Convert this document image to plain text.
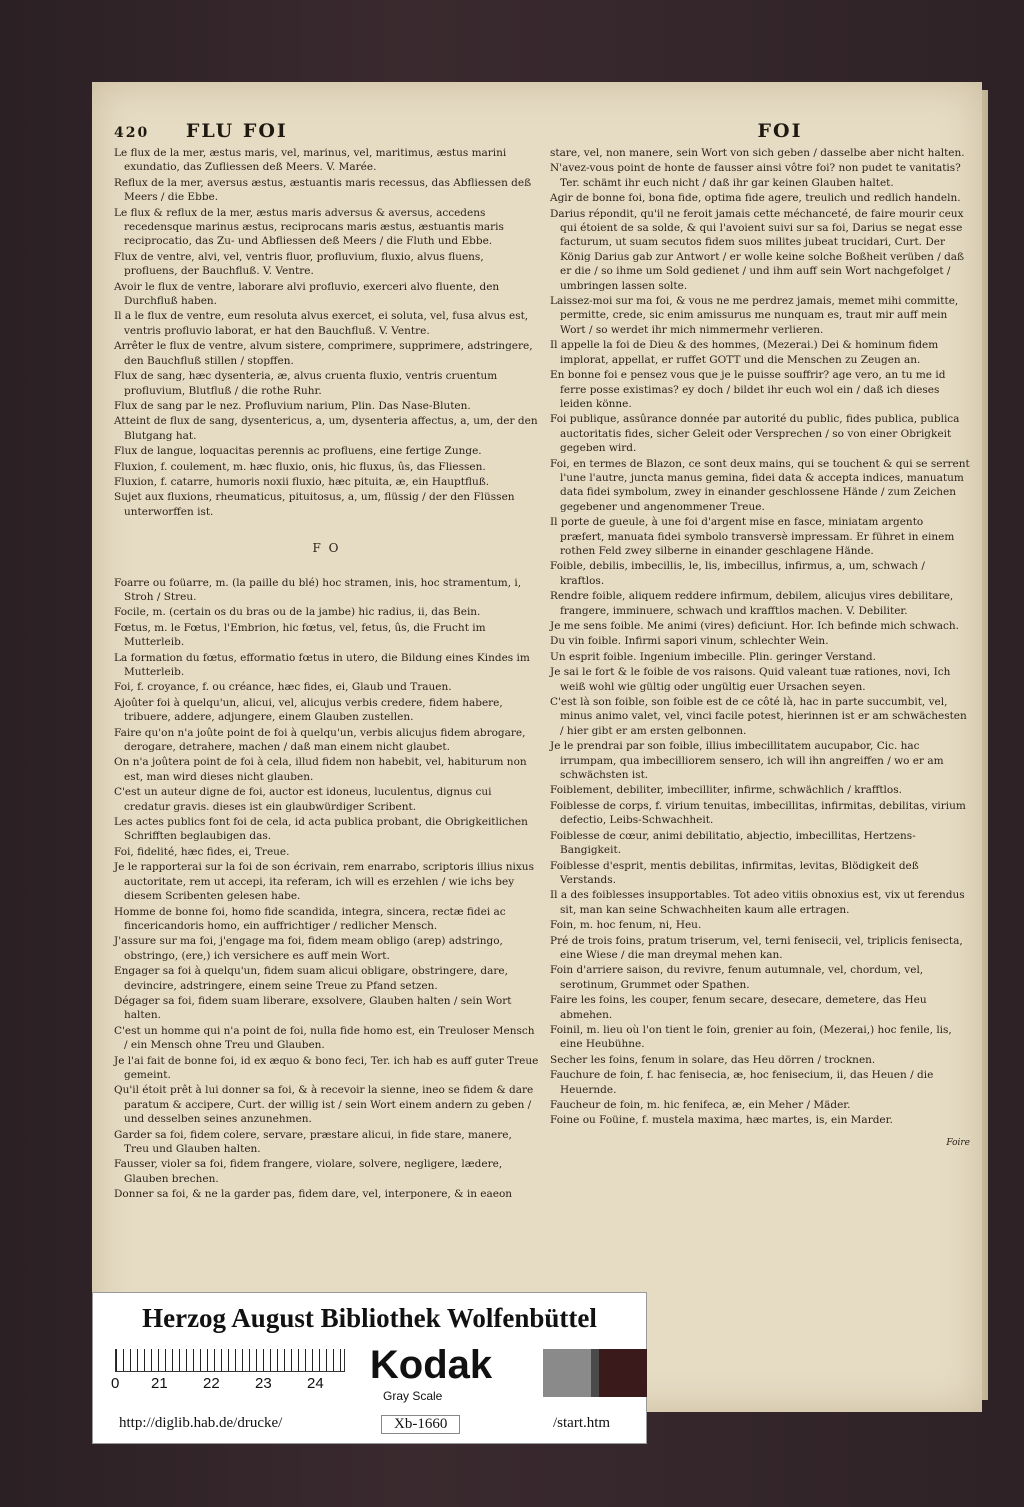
420 FLU FOI
Le flux de la mer, æstus maris, vel, marinus, vel, maritimus, æstus marini exundatio, das Zufliessen deß Meers. V. Marée.
Reflux de la mer, aversus æstus, æstuantis maris recessus, das Abfliessen deß Meers / die Ebbe.
Le flux & reflux de la mer, æstus maris adversus & aversus, accedens recedensque marinus æstus, reciprocans maris æstus, æstuantis maris reciprocatio, das Zu- und Abfliessen deß Meers / die Fluth und Ebbe.
Flux de ventre, alvi, vel, ventris fluor, profluvium, fluxio, alvus fluens, profluens, der Bauchfluß. V. Ventre.
Avoir le flux de ventre, laborare alvi profluvio, exerceri alvo fluente, den Durchfluß haben.
Il a le flux de ventre, eum resoluta alvus exercet, ei soluta, vel, fusa alvus est, ventris profluvio laborat, er hat den Bauchfluß. V. Ventre.
Arrêter le flux de ventre, alvum sistere, comprimere, supprimere, adstringere, den Bauchfluß stillen / stopffen.
Flux de sang, hæc dysenteria, æ, alvus cruenta fluxio, ventris cruentum profluvium, Blutfluß / die rothe Ruhr.
Flux de sang par le nez. Profluvium narium, Plin. Das Nase-Bluten.
Atteint de flux de sang, dysentericus, a, um, dysenteria affectus, a, um, der den Blutgang hat.
Flux de langue, loquacitas perennis ac profluens, eine fertige Zunge.
Fluxion, f. coulement, m. hæc fluxio, onis, hic fluxus, ûs, das Fliessen.
Fluxion, f. catarre, humoris noxii fluxio, hæc pituita, æ, ein Hauptfluß.
Sujet aux fluxions, rheumaticus, pituitosus, a, um, flüssig / der den Flüssen unterworffen ist.
F O
Foarre ou foüarre, m. (la paille du blé) hoc stramen, inis, hoc stramentum, i, Stroh / Streu.
Focile, m. (certain os du bras ou de la jambe) hic radius, ii, das Bein.
Fœtus, m. le Fœtus, l'Embrion, hic fœtus, vel, fetus, ûs, die Frucht im Mutterleib.
La formation du fœtus, efformatio fœtus in utero, die Bildung eines Kindes im Mutterleib.
Foi, f. croyance, f. ou créance, hæc fides, ei, Glaub und Trauen.
Ajoûter foi à quelqu'un, alicui, vel, alicujus verbis credere, fidem habere, tribuere, addere, adjungere, einem Glauben zustellen.
Faire qu'on n'a joûte point de foi à quelqu'un, verbis alicujus fidem abrogare, derogare, detrahere, machen / daß man einem nicht glaubet.
On n'a joûtera point de foi à cela, illud fidem non habebit, vel, habiturum non est, man wird dieses nicht glauben.
C'est un auteur digne de foi, auctor est idoneus, luculentus, dignus cui credatur gravis. dieses ist ein glaubwürdiger Scribent.
Les actes publics font foi de cela, id acta publica probant, die Obrigkeitlichen Schrifften beglaubigen das.
Foi, fidelité, hæc fides, ei, Treue.
Je le rapporterai sur la foi de son écrivain, rem enarrabo, scriptoris illius nixus auctoritate, rem ut accepi, ita referam, ich will es erzehlen / wie ichs bey diesem Scribenten gelesen habe.
Homme de bonne foi, homo fide scandida, integra, sincera, rectæ fidei ac fincericandoris homo, ein auffrichtiger / redlicher Mensch.
J'assure sur ma foi, j'engage ma foi, fidem meam obligo (arep) adstringo, obstringo, (ere,) ich versichere es auff mein Wort.
Engager sa foi à quelqu'un, fidem suam alicui obligare, obstringere, dare, devincire, adstringere, einem seine Treue zu Pfand setzen.
Dégager sa foi, fidem suam liberare, exsolvere, Glauben halten / sein Wort halten.
C'est un homme qui n'a point de foi, nulla fide homo est, ein Treuloser Mensch / ein Mensch ohne Treu und Glauben.
Je l'ai fait de bonne foi, id ex æquo & bono feci, Ter. ich hab es auff guter Treue gemeint.
Qu'il étoit prêt à lui donner sa foi, & à recevoir la sienne, ineo se fidem & dare paratum & accipere, Curt. der willig ist / sein Wort einem andern zu geben / und desselben seines anzunehmen.
Garder sa foi, fidem colere, servare, præstare alicui, in fide stare, manere, Treu und Glauben halten.
Fausser, violer sa foi, fidem frangere, violare, solvere, negligere, lædere, Glauben brechen.
Donner sa foi, & ne la garder pas, fidem dare, vel, interponere, & in eaeon
FOI
stare, vel, non manere, sein Wort von sich geben / dasselbe aber nicht halten.
N'avez-vous point de honte de fausser ainsi vôtre foi? non pudet te vanitatis? Ter. schämt ihr euch nicht / daß ihr gar keinen Glauben haltet.
Agir de bonne foi, bona fide, optima fide agere, treulich und redlich handeln.
Darius répondit, qu'il ne feroit jamais cette méchanceté, de faire mourir ceux qui étoient de sa solde, & qui l'avoient suivi sur sa foi, Darius se negat esse facturum, ut suam secutos fidem suos milites jubeat trucidari, Curt. Der König Darius gab zur Antwort / er wolle keine solche Boßheit verüben / daß er die / so ihme um Sold gedienet / und ihm auff sein Wort nachgefolget / umbringen lassen solte.
Laissez-moi sur ma foi, & vous ne me perdrez jamais, memet mihi committe, permitte, crede, sic enim amissurus me nunquam es, traut mir auff mein Wort / so werdet ihr mich nimmermehr verlieren.
Il appelle la foi de Dieu & des hommes, (Mezerai.) Dei & hominum fidem implorat, appellat, er ruffet GOTT und die Menschen zu Zeugen an.
En bonne foi e pensez vous que je le puisse souffrir? age vero, an tu me id ferre posse existimas? ey doch / bildet ihr euch wol ein / daß ich dieses leiden könne.
Foi publique, assûrance donnée par autorité du public, fides publica, publica auctoritatis fides, sicher Geleit oder Versprechen / so von einer Obrigkeit gegeben wird.
Foi, en termes de Blazon, ce sont deux mains, qui se touchent & qui se serrent l'une l'autre, juncta manus gemina, fidei data & accepta indices, manuatum data fidei symbolum, zwey in einander geschlossene Hände / zum Zeichen gegebener und angenommener Treue.
Il porte de gueule, à une foi d'argent mise en fasce, miniatam argento præfert, manuata fidei symbolo transversè impressam. Er führet in einem rothen Feld zwey silberne in einander geschlagene Hände.
Foible, debilis, imbecillis, le, lis, imbecillus, infirmus, a, um, schwach / kraftlos.
Rendre foible, aliquem reddere infirmum, debilem, alicujus vires debilitare, frangere, imminuere, schwach und krafftlos machen. V. Debiliter.
Je me sens foible. Me animi (vires) deficiunt. Hor. Ich befinde mich schwach.
Du vin foible. Infirmi sapori vinum, schlechter Wein.
Un esprit foible. Ingenium imbecille. Plin. geringer Verstand.
Je sai le fort & le foible de vos raisons. Quid valeant tuæ rationes, novi, Ich weiß wohl wie gültig oder ungültig euer Ursachen seyen.
C'est là son foible, son foible est de ce côté là, hac in parte succumbit, vel, minus animo valet, vel, vinci facile potest, hierinnen ist er am schwächesten / hier gibt er am ersten gelbonnen.
Je le prendrai par son foible, illius imbecillitatem aucupabor, Cic. hac irrumpam, qua imbecilliorem sensero, ich will ihn angreiffen / wo er am schwächsten ist.
Foiblement, debiliter, imbecilliter, infirme, schwächlich / krafftlos.
Foiblesse de corps, f. virium tenuitas, imbecillitas, infirmitas, debilitas, virium defectio, Leibs-Schwachheit.
Foiblesse de cœur, animi debilitatio, abjectio, imbecillitas, Hertzens-Bangigkeit.
Foiblesse d'esprit, mentis debilitas, infirmitas, levitas, Blödigkeit deß Verstands.
Il a des foiblesses insupportables. Tot adeo vitiis obnoxius est, vix ut ferendus sit, man kan seine Schwachheiten kaum alle ertragen.
Foin, m. hoc fenum, ni, Heu.
Pré de trois foins, pratum triserum, vel, terni fenisecii, vel, triplicis fenisecta, eine Wiese / die man dreymal mehen kan.
Foin d'arriere saison, du revivre, fenum autumnale, vel, chordum, vel, serotinum, Grummet oder Spathen.
Faire les foins, les couper, fenum secare, desecare, demetere, das Heu abmehen.
Foinil, m. lieu où l'on tient le foin, grenier au foin, (Mezerai,) hoc fenile, lis, eine Heubühne.
Secher les foins, fenum in solare, das Heu dörren / trocknen.
Fauchure de foin, f. hac fenisecia, æ, hoc fenisecium, ii, das Heuen / die Heuernde.
Faucheur de foin, m. hic fenifeca, æ, ein Meher / Mäder.
Foine ou Foüine, f. mustela maxima, hæc martes, is, ein Marder.
Foire
Herzog August Bibliothek Wolfenbüttel
0 21 22 23 24 Kodak
Gray Scale
http://diglib.hab.de/drucke/	Xb-1660	/start.htm
